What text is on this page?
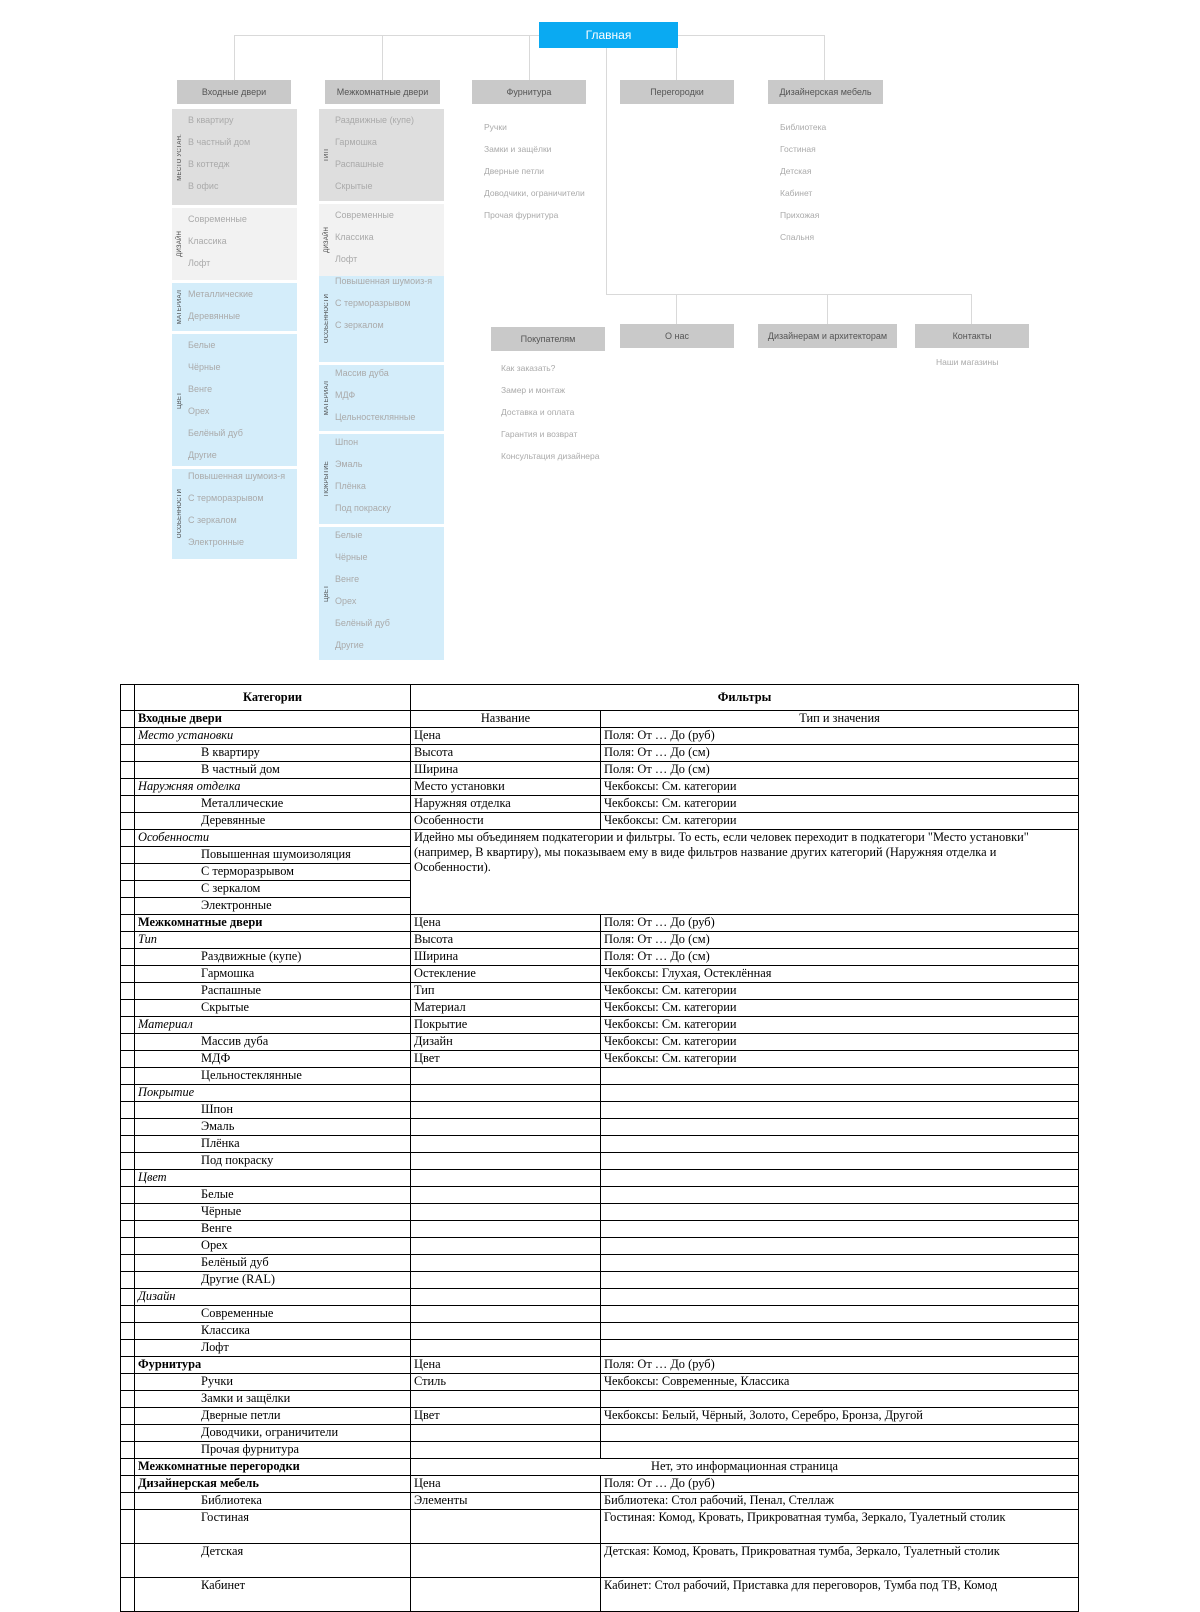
Главная
Входные двери	Межкомнатные двери	Фурнитура	Перегородки	Дизайнерская мебель
МЕСТО УСТАН.
В квартиру
В частный дом
В коттедж
В офис
ДИЗАЙН
Современные
Классика
Лофт
МАТЕРИАЛ Металлические
Деревянные
ЦВЕТ
Белые
Чёрные
Венге
Орех
Белёный дуб
Другие
ОСОБЕННОСТИ
Повышенная шумоиз-я
С терморазрывом
С зеркалом
Электронные
ТИП
Раздвижные (купе)
Гармошка
Распашные
Скрытые
ДИЗАЙН
Современные
Классика
Лофт
ОСОБЕННОСТИ
Повышенная шумоиз-я
С терморазрывом
С зеркалом
МАТЕРИАЛ
Массив дуба
МДФ
Цельностеклянные
ПОКРЫТИЕ
Шпон
Эмаль
Плёнка
Под покраску
ЦВЕТ
Белые
Чёрные
Венге
Орех
Белёный дуб
Другие
Ручки
Замки и защёлки
Дверные петли
Доводчики, ограничители
Прочая фурнитура
Библиотека
Гостиная
Детская
Кабинет
Прихожая
Спальня
Покупателям	О нас	Дизайнерам и архитекторам	Контакты
Как заказать?
Замер и монтаж
Доставка и оплата
Гарантия и возврат
Консультация дизайнера
Наши магазины
	Категории	Фильтры	
	Входные двери	Название	Тип и значения
	Место установки	Цена	Поля: От … До (руб)
	В квартиру	Высота	Поля: От … До (см)
	В частный дом	Ширина	Поля: От … До (см)
	Наружняя отделка	Место установки	Чекбоксы: См. категории
	Металлические	Наружняя отделка	Чекбоксы: См. категории
	Деревянные	Особенности	Чекбоксы: См. категории
	Особенности	Идейно мы объединяем подкатегории и фильтры. То есть, если человек переходит в подкатегори "Место установки" (например, В квартиру), мы показываем ему в виде фильтров название других категорий (Наружняя отделка и Особенности).	
	Повышенная шумоизоляция		
	С терморазрывом		
	С зеркалом		
	Электронные		
	Межкомнатные двери	Цена	Поля: От … До (руб)
	Тип	Высота	Поля: От … До (см)
	Раздвижные (купе)	Ширина	Поля: От … До (см)
	Гармошка	Остекление	Чекбоксы: Глухая, Остеклённая
	Распашные	Тип	Чекбоксы: См. категории
	Скрытые	Материал	Чекбоксы: См. категории
	Материал	Покрытие	Чекбоксы: См. категории
	Массив дуба	Дизайн	Чекбоксы: См. категории
	МДФ	Цвет	Чекбоксы: См. категории
	Цельностеклянные		
	Покрытие		
	Шпон		
	Эмаль		
	Плёнка		
	Под покраску		
	Цвет		
	Белые		
	Чёрные		
	Венге		
	Орех		
	Белёный дуб		
	Другие (RAL)		
	Дизайн		
	Современные		
	Классика		
	Лофт		
	Фурнитура	Цена	Поля: От … До (руб)
	Ручки	Стиль	Чекбоксы: Современные, Классика
	Замки и защёлки		
	Дверные петли	Цвет	Чекбоксы: Белый, Чёрный, Золото, Серебро, Бронза, Другой
	Доводчики, ограничители		
	Прочая фурнитура		
	Межкомнатные перегородки	Нет, это информационная страница	
	Дизайнерская мебель	Цена	Поля: От … До (руб)
	Библиотека	Элементы	Библиотека: Стол рабочий, Пенал, Стеллаж
	Гостиная		Гостиная: Комод, Кровать, Прикроватная тумба, Зеркало, Туалетный столик
	Детская		Детская: Комод, Кровать, Прикроватная тумба, Зеркало, Туалетный столик
	Кабинет		Кабинет: Стол рабочий, Приставка для переговоров, Тумба под ТВ, Комод
